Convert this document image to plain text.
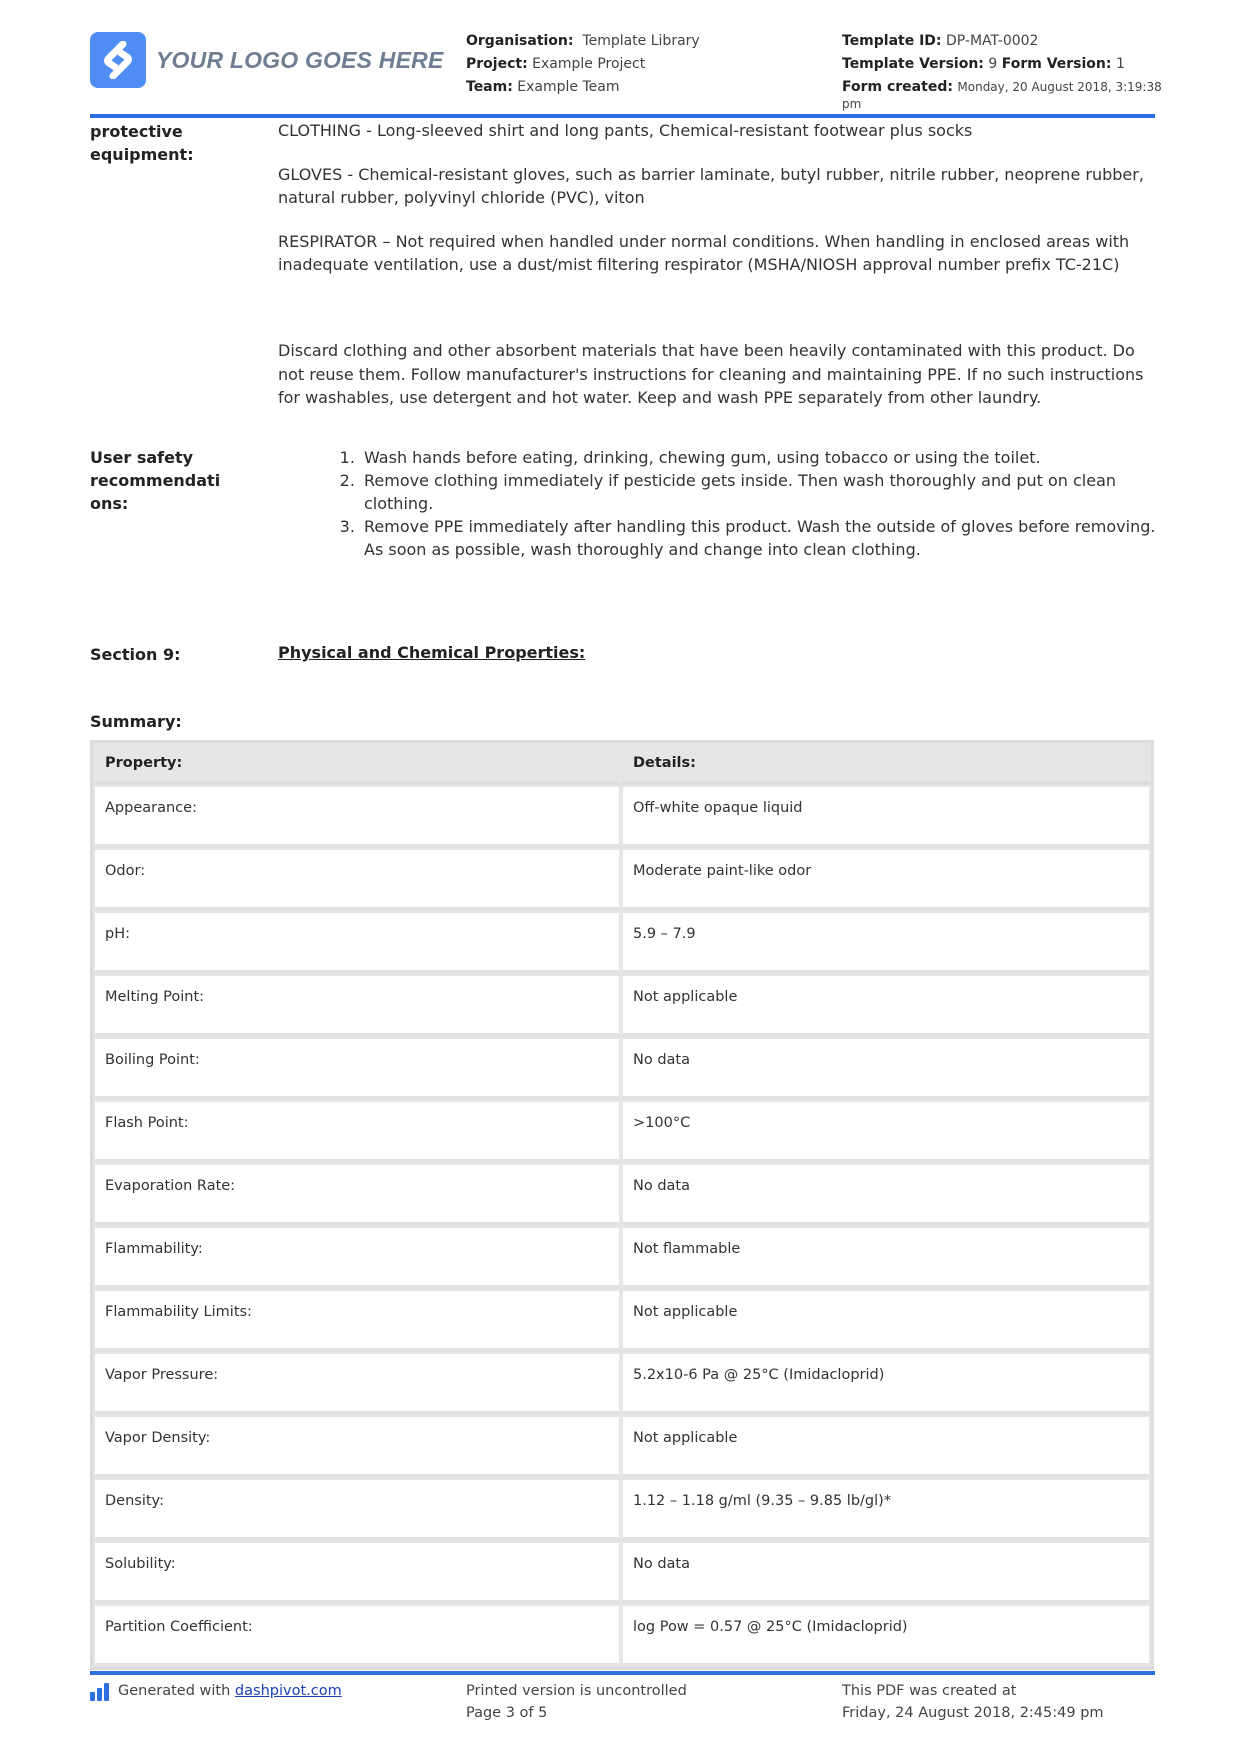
YOUR LOGO GOES HERE
Organisation: Template Library
Project: Example Project
Team: Example Team
Template ID: DP-MAT-0002
Template Version: 9 Form Version: 1
Form created: Monday, 20 August 2018, 3:19:38 pm
protective equipment:

CLOTHING - Long-sleeved shirt and long pants, Chemical-resistant footwear plus socks

GLOVES - Chemical-resistant gloves, such as barrier laminate, butyl rubber, nitrile rubber, neoprene rubber, natural rubber, polyvinyl chloride (PVC), viton

RESPIRATOR – Not required when handled under normal conditions. When handling in enclosed areas with inadequate ventilation, use a dust/mist filtering respirator (MSHA/NIOSH approval number prefix TC-21C)

Discard clothing and other absorbent materials that have been heavily contaminated with this product. Do not reuse them. Follow manufacturer's instructions for cleaning and maintaining PPE. If no such instructions for washables, use detergent and hot water. Keep and wash PPE separately from other laundry.

User safety recommendati ons:
1. Wash hands before eating, drinking, chewing gum, using tobacco or using the toilet.
2. Remove clothing immediately if pesticide gets inside. Then wash thoroughly and put on clean clothing.
3. Remove PPE immediately after handling this product. Wash the outside of gloves before removing. As soon as possible, wash thoroughly and change into clean clothing.
Section 9:	Physical and Chemical Properties:
Summary:
Property:	Details:
Appearance:	Off-white opaque liquid
Odor:	Moderate paint-like odor
pH:	5.9 – 7.9
Melting Point:	Not applicable
Boiling Point:	No data
Flash Point:	>100°C
Evaporation Rate:	No data
Flammability:	Not flammable
Flammability Limits:	Not applicable
Vapor Pressure:	5.2x10-6 Pa @ 25°C (Imidacloprid)
Vapor Density:	Not applicable
Density:	1.12 – 1.18 g/ml (9.35 – 9.85 lb/gl)*
Solubility:	No data
Partition Coefficient:	log Pow = 0.57 @ 25°C (Imidacloprid)
Generated with
dashpivot.com	Printed version is uncontrolled
Page 3 of 5
This PDF was created at
Friday, 24 August 2018, 2:45:49 pm
